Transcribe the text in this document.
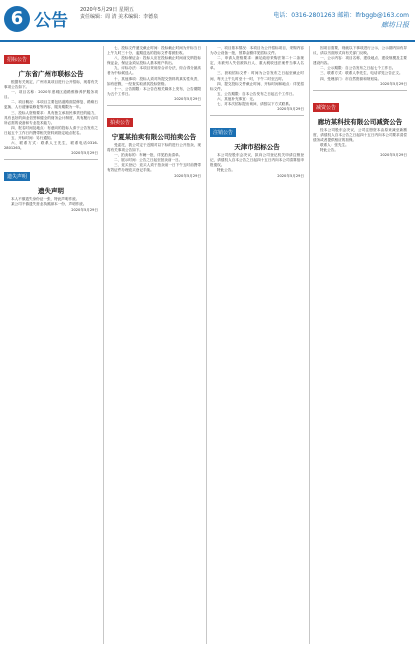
6 公告
2020年5月29日 星期五
责任编辑：周 清 美术编辑：李德泉	电话：0316-2801263 邮箱：lfrbggb@163.com
廊坊日报
招标公告
广东省广州市联标公告

根据有关规定，广州市某项目进行公开招标，现将有关事项公告如下。

一、项目名称：2020年度城区道路维修养护服务项目。

二、项目概况：本项目主要包括道路面层修复、路缘石更换、人行道铺装修复等内容，服务期限为一年。

三、投标人资格要求：具有独立承担民事责任的能力，具有良好的商业信誉和健全的财务会计制度，具有履行合同所必需的设备和专业技术能力。

四、报名时间及地点：有意向的投标人请于公告发布之日起五个工作日内携带相关资料到指定地点报名。

五、开标时间：另行通知。

六、联系方式：联系人王先生，联系电话0316-2801263。

2020年5月29日
遗失声明
遗失声明

本人不慎遗失身份证一张，特此声明作废。

某公司不慎遗失营业执照副本一份，声明作废。

2020年5月29日

七、投标文件递交截止时间：投标截止时间为开标当日上午九时三十分，逾期送达的投标文件将被拒收。

八、投标保证金：投标人应在投标截止时间前交纳投标保证金，保证金须从投标人基本账户转出。

九、评标办法：本项目采用综合评分法，综合得分最高者为中标候选人。

十、其他事项：投标人须对所提交资料的真实性负责，如有虚假，一经查实取消其投标资格。

十一、公告期限：本公告在相关媒体上发布，公告期限为五个工作日。

2020年5月29日
拍卖公告
宁夏某拍卖有限公司拍卖公告

受委托，我公司定于近期对以下标的进行公开拍卖，现将有关事项公告如下。

一、拍卖标的：车辆一批，详见拍卖清单。

二、展示时间：公告之日起至拍卖前一日。

三、竞买登记：竞买人须于拍卖前一日下午五时前携带有效证件办理竞买登记手续。

2020年5月29日

一、项目基本情况：本项目为公开招标项目，采购内容为办公设备一批，预算金额详见招标文件。

二、申请人资格要求：满足政府采购法第二十二条规定，未被列入失信被执行人、重大税收违法案件当事人名单。

三、获取招标文件：时间为公告发布之日起至截止时间，每天上午九时至十一时，下午二时至五时。

四、提交投标文件截止时间、开标时间和地点：详见招标文件。

五、公告期限：自本公告发布之日起五个工作日。

六、其他补充事宜：无。

七、对本次招标提出询问，请按以下方式联系。

2020年5月29日
注销公告
天津市招标公告

本公司经股东会决议，拟向公司登记机关申请注销登记，请债权人自本公告之日起四十五日内向本公司清算组申报债权。

特此公告。

2020年5月29日

因项目需要，现就以下事项进行公示，公示期内如有异议，请以书面形式向有关部门反映。

一、公示内容：项目名称、建设地点、建设规模及主要建设内容。

二、公示期限：自公告发布之日起七个工作日。

三、联系方式：联系人李先生，电话详见公告正文。

四、受理部门：市自然资源和规划局。

2020年5月29日
减资公告
廊坊某科技有限公司减资公告

经本公司股东会决议，公司注册资本由原来减至新额度，请债权人自本公告之日起四十五日内向本公司要求清偿债务或者提供相应的担保。

联系人：张先生。

特此公告。

2020年5月29日
